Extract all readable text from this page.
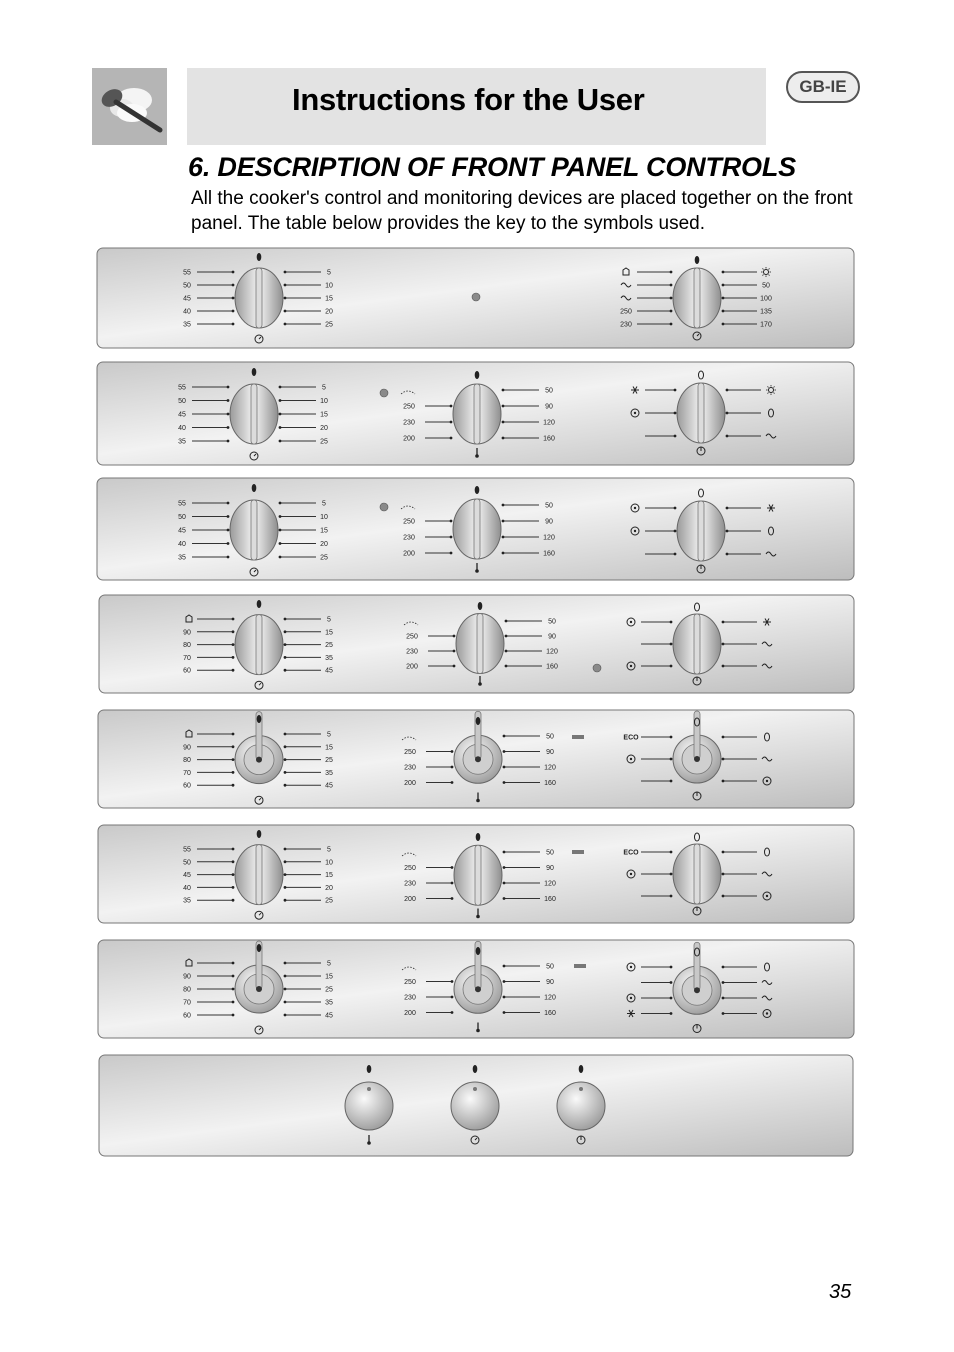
Instructions for the User	GB-IE
6. DESCRIPTION OF FRONT PANEL CONTROLS
All the cooker's control and monitoring devices are placed together on the front panel. The table below provides the key to the symbols used.
55
50
45
40
35
5
10
15
20
25
250
230
50
100
135
170
55
50
45
40
35
5
10
15
20
25
50
90
120
160
250
230
200
55
50
45
40
35
5
10
15
20
25
50
90
120
160
250
230
200
90
80
70
60
5
15
25
35
45
50
90
120
160
250
230
200
90
80
70
60
5
15
25
35
45
50
90
120
160
250
230
200
ECO
55
50
45
40
35
5
10
15
20
25
50
90
120
160
250
230
200
ECO
90
80
70
60
5
15
25
35
45
50
90
120
160
250
230
200
35
